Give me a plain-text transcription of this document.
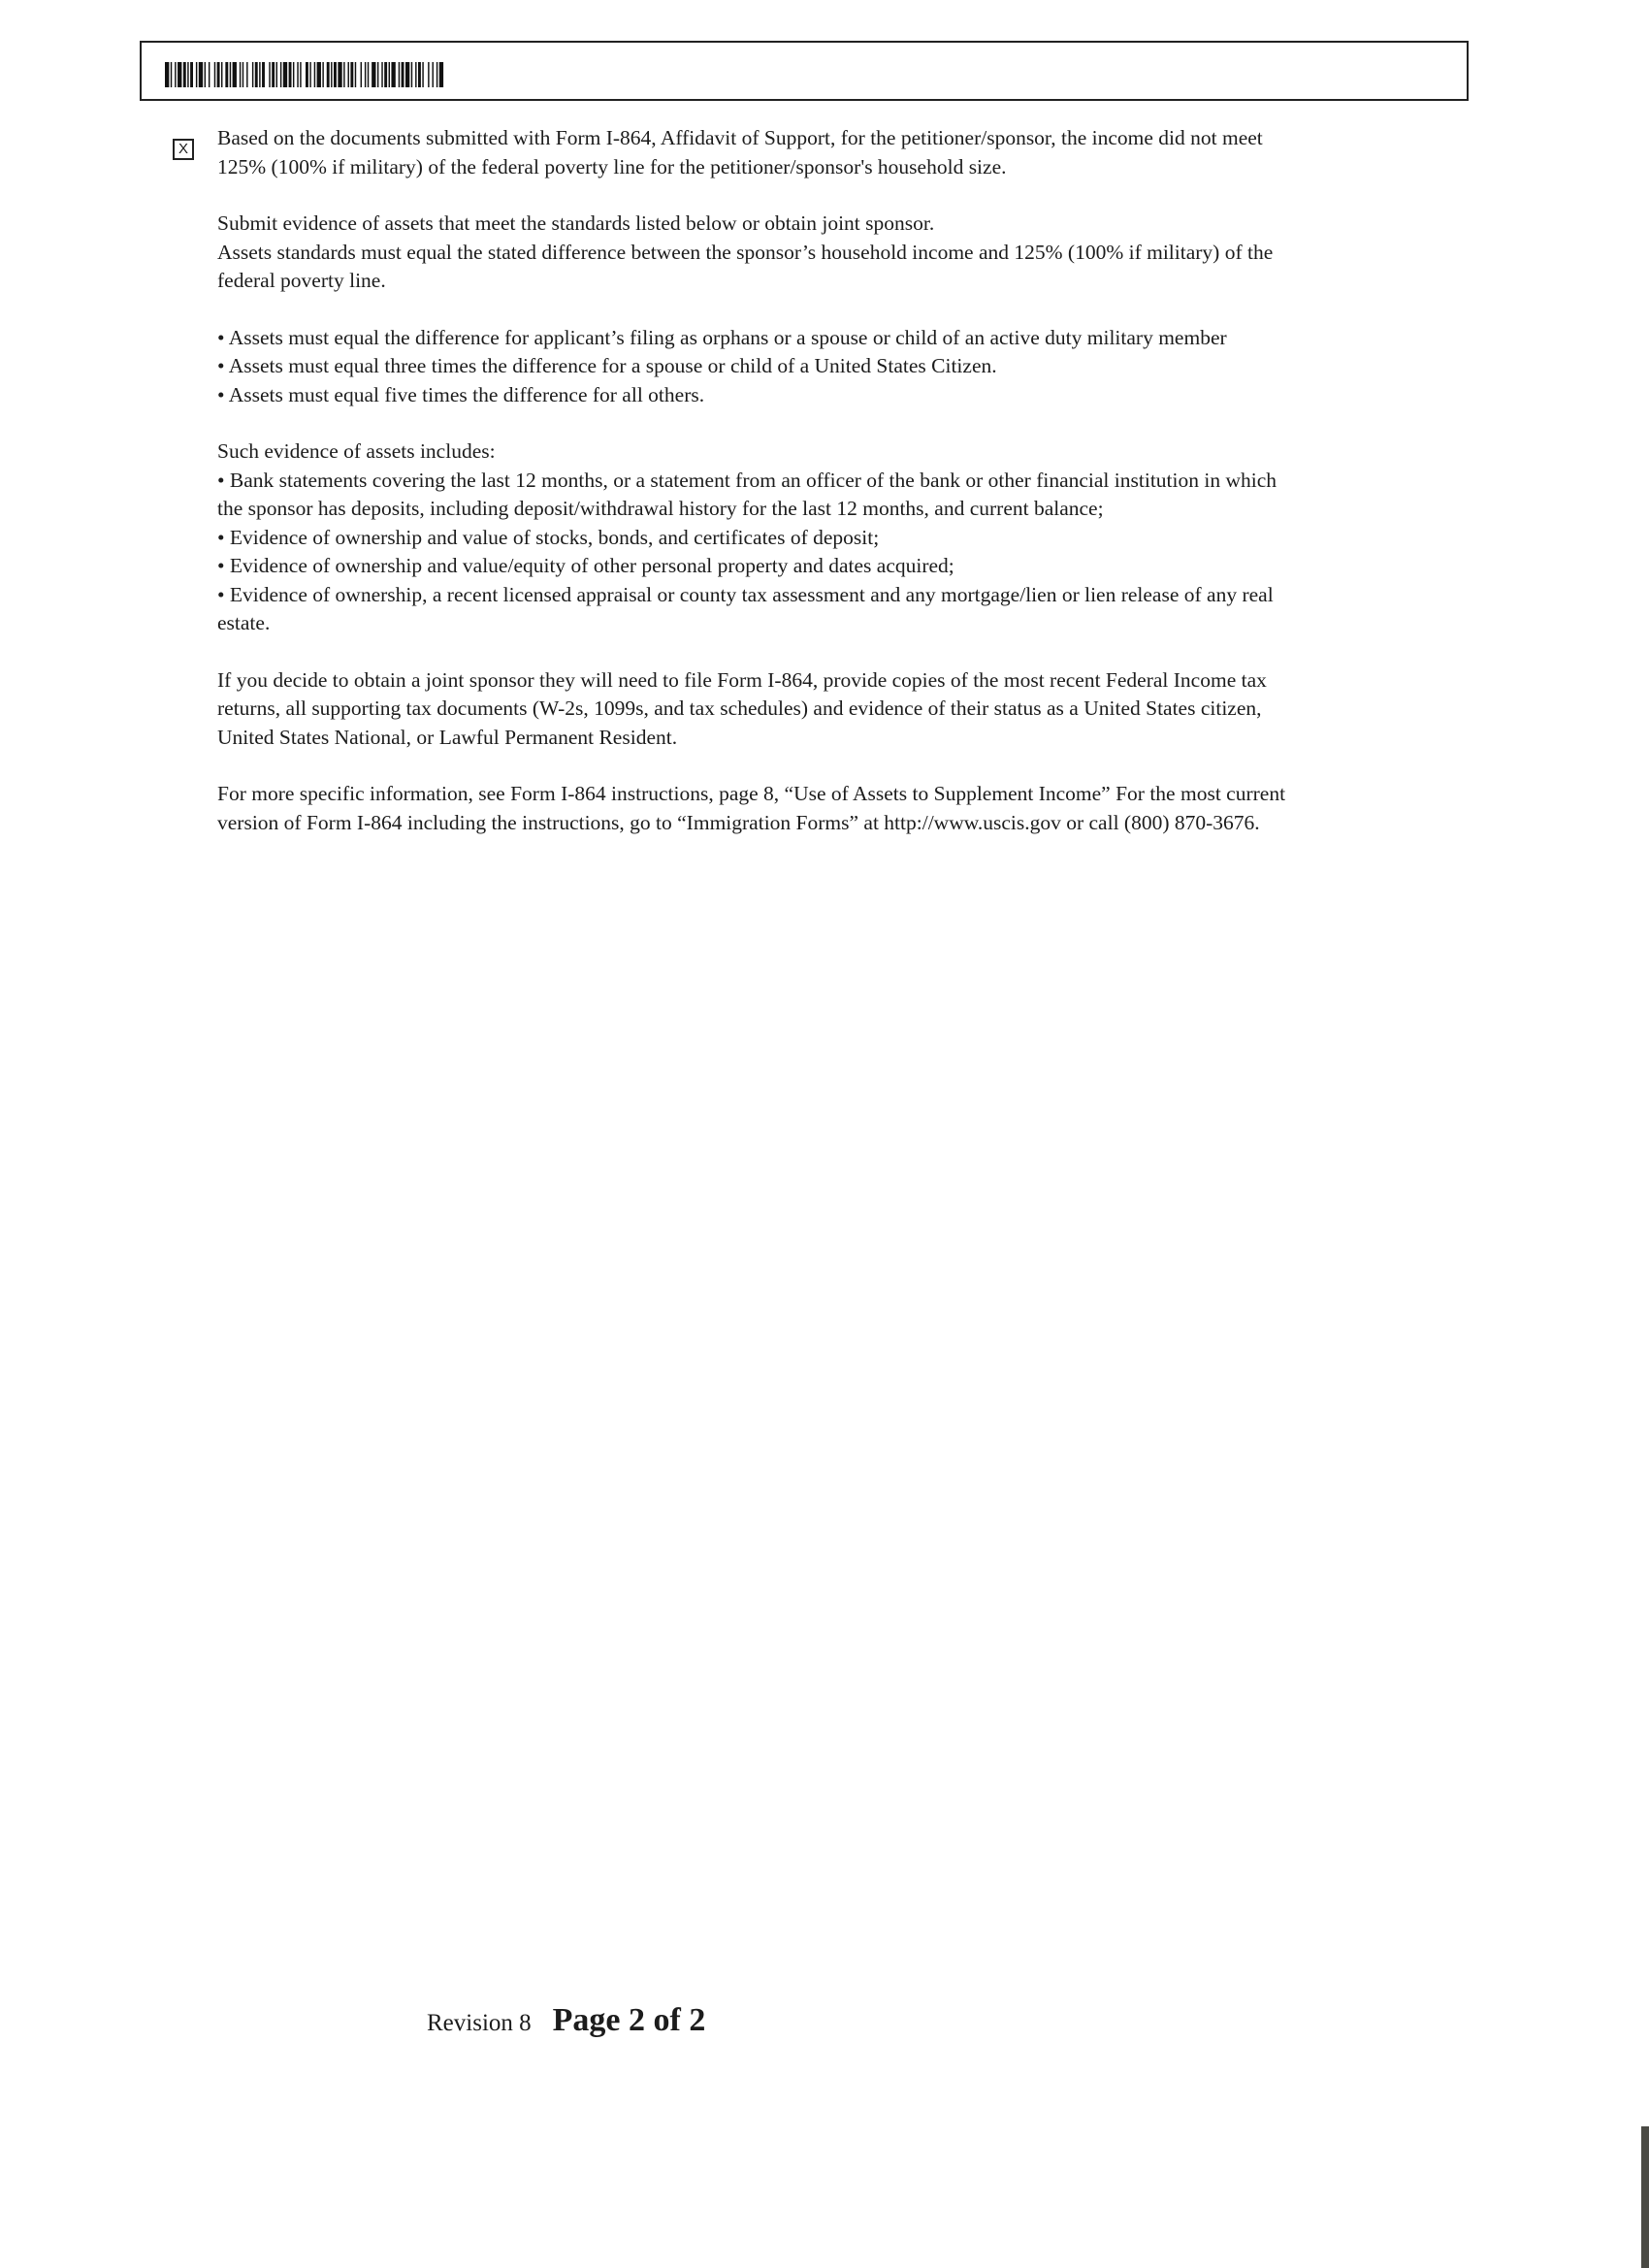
X Based on the documents submitted with Form I-864, Affidavit of Support, for the petitioner/sponsor, the income did not meet
125% (100% if military) of the federal poverty line for the petitioner/sponsor's household size.

Submit evidence of assets that meet the standards listed below or obtain joint sponsor.
Assets standards must equal the stated difference between the sponsor’s household income and 125% (100% if military) of the
federal poverty line.

• Assets must equal the difference for applicant’s filing as orphans or a spouse or child of an active duty military member
• Assets must equal three times the difference for a spouse or child of a United States Citizen.
• Assets must equal five times the difference for all others.

Such evidence of assets includes:
• Bank statements covering the last 12 months, or a statement from an officer of the bank or other financial institution in which
the sponsor has deposits, including deposit/withdrawal history for the last 12 months, and current balance;
• Evidence of ownership and value of stocks, bonds, and certificates of deposit;
• Evidence of ownership and value/equity of other personal property and dates acquired;
• Evidence of ownership, a recent licensed appraisal or county tax assessment and any mortgage/lien or lien release of any real
estate.

If you decide to obtain a joint sponsor they will need to file Form I-864, provide copies of the most recent Federal Income tax
returns, all supporting tax documents (W-2s, 1099s, and tax schedules) and evidence of their status as a United States citizen,
United States National, or Lawful Permanent Resident.

For more specific information, see Form I-864 instructions, page 8, “Use of Assets to Supplement Income” For the most current
version of Form I-864 including the instructions, go to “Immigration Forms” at http://www.uscis.gov or call (800) 870-3676.

Revision 8 Page 2 of 2
